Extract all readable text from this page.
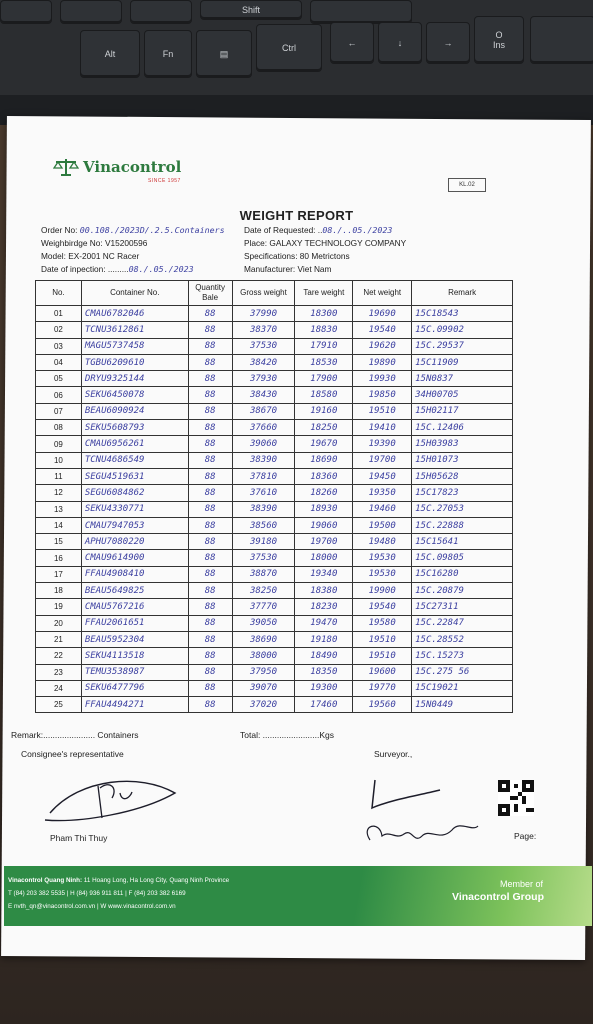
Shift
Alt	Fn	▤
Ctrl	←	↓	→
O
Ins
Vinacontrol
SINCE 1957
KL.02
WEIGHT REPORT
Order No: 00.108./2023D/.2.5.Containers
Weighbirdge No: V15200596
Model: EX-2001 NC Racer
Date of inpection: .........08./.05./2023
Date of Requested: ..08./..05./2023
Place: GALAXY TECHNOLOGY COMPANY
Specifications: 80 Metrictons
Manufacturer: Viet Nam
No.	Container No.	Quantity Bale	Gross weight	Tare weight	Net weight	Remark
01	CMAU6782046	88	37990	18300	19690	15C18543
02	TCNU3612861	88	38370	18830	19540	15C.09902
03	MAGU5737458	88	37530	17910	19620	15C.29537
04	TGBU6209610	88	38420	18530	19890	15C11909
05	DRYU9325144	88	37930	17900	19930	15N0837
06	SEKU6450078	88	38430	18580	19850	34H00705
07	BEAU6090924	88	38670	19160	19510	15H02117
08	SEKU5608793	88	37660	18250	19410	15C.12406
09	CMAU6956261	88	39060	19670	19390	15H03983
10	TCNU4686549	88	38390	18690	19700	15H01073
11	SEGU4519631	88	37810	18360	19450	15H05628
12	SEGU6084862	88	37610	18260	19350	15C17823
13	SEKU4330771	88	38390	18930	19460	15C.27053
14	CMAU7947053	88	38560	19060	19500	15C.22888
15	APHU7080220	88	39180	19700	19480	15C15641
16	CMAU9614900	88	37530	18000	19530	15C.09805
17	FFAU4908410	88	38870	19340	19530	15C16280
18	BEAU5649825	88	38250	18380	19900	15C.20879
19	CMAU5767216	88	37770	18230	19540	15C27311
20	FFAU2061651	88	39050	19470	19580	15C.22847
21	BEAU5952304	88	38690	19180	19510	15C.28552
22	SEKU4113518	88	38000	18490	19510	15C.15273
23	TEMU3538987	88	37950	18350	19600	15C.275 56
24	SEKU6477796	88	39070	19300	19770	15C19021
25	FFAU4494271	88	37020	17460	19560	15N0449
Remark:...................... Containers	Total: ........................Kgs
Consignee's representative	Surveyor.,
Pham Thi Thuy	Page:
Vinacontrol Quang Ninh: 11 Hoang Long, Ha Long City, Quang Ninh Province
T (84) 203 382 5535 | H (84) 936 911 811 | F (84) 203 382 6169
E nvth_qn@vinacontrol.com.vn | W www.vinacontrol.com.vn
Member of
Vinacontrol Group
